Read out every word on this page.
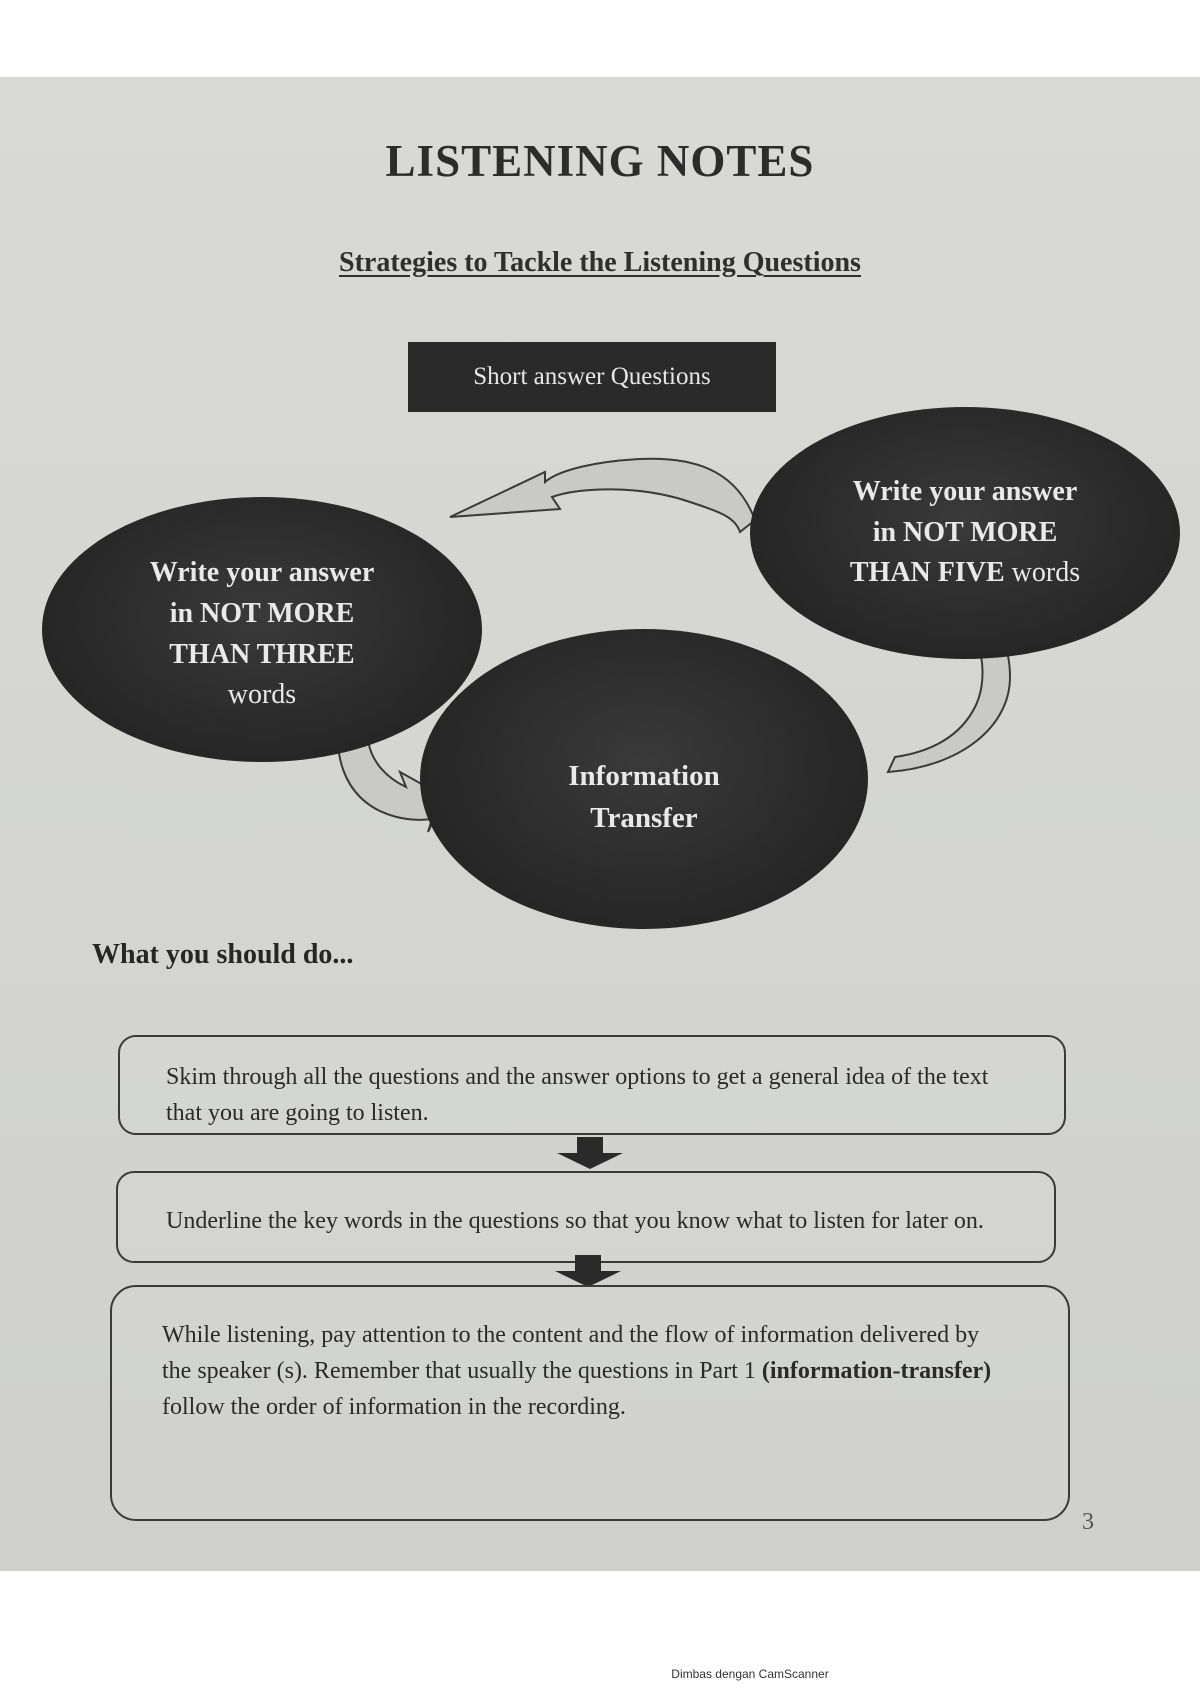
LISTENING NOTES
Strategies to Tackle the Listening Questions
Short answer Questions
Write your answer
in NOT MORE
THAN THREE
words
Write your answer
in NOT MORE
THAN FIVE words
Information
Transfer
What you should do...
Skim through all the questions and the answer options to get a general idea of the text
that you are going to listen.
Underline the key words in the questions so that you know what to listen for later on.
While listening, pay attention to the content and the flow of information delivered by
the speaker (s). Remember that usually the questions in Part 1 (information-transfer)
follow the order of information in the recording.
3
Dimbas dengan CamScanner
